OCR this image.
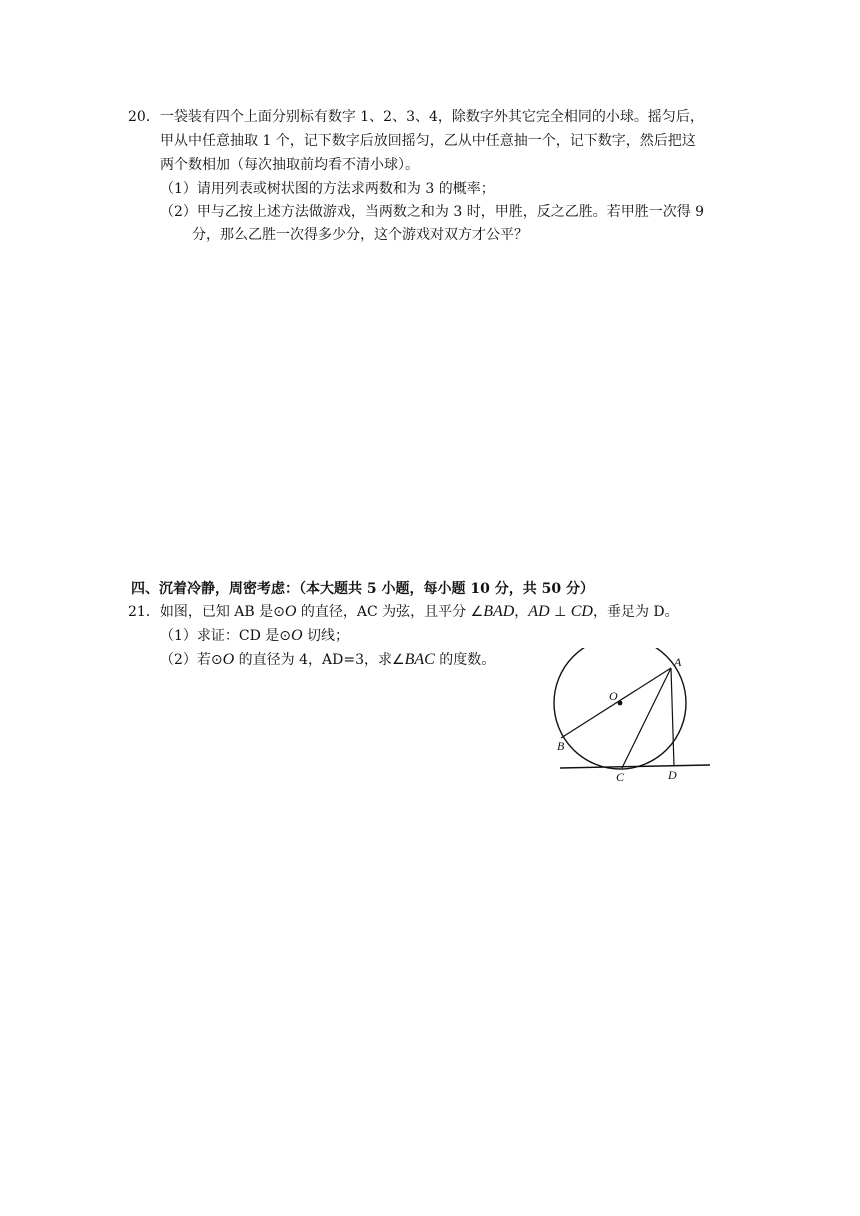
20．一袋装有四个上面分别标有数字 1、2、3、4，除数字外其它完全相同的小球。摇匀后，
甲从中任意抽取 1 个，记下数字后放回摇匀，乙从中任意抽一个，记下数字，然后把这
两个数相加（每次抽取前均看不清小球）。
（1）请用列表或树状图的方法求两数和为 3 的概率；
（2）甲与乙按上述方法做游戏，当两数之和为 3 时，甲胜，反之乙胜。若甲胜一次得 9
分，那么乙胜一次得多少分，这个游戏对双方才公平？
四、沉着冷静，周密考虑：（本大题共 5 小题，每小题 10 分，共 50 分）
21．如图，已知 AB 是⊙O 的直径，AC 为弦，且平分 ∠BAD，AD ⊥ CD，垂足为 D。
（1）求证：CD 是⊙O 切线；
（2）若⊙O 的直径为 4，AD=3，求∠BAC 的度数。	A
O
B
C	D
